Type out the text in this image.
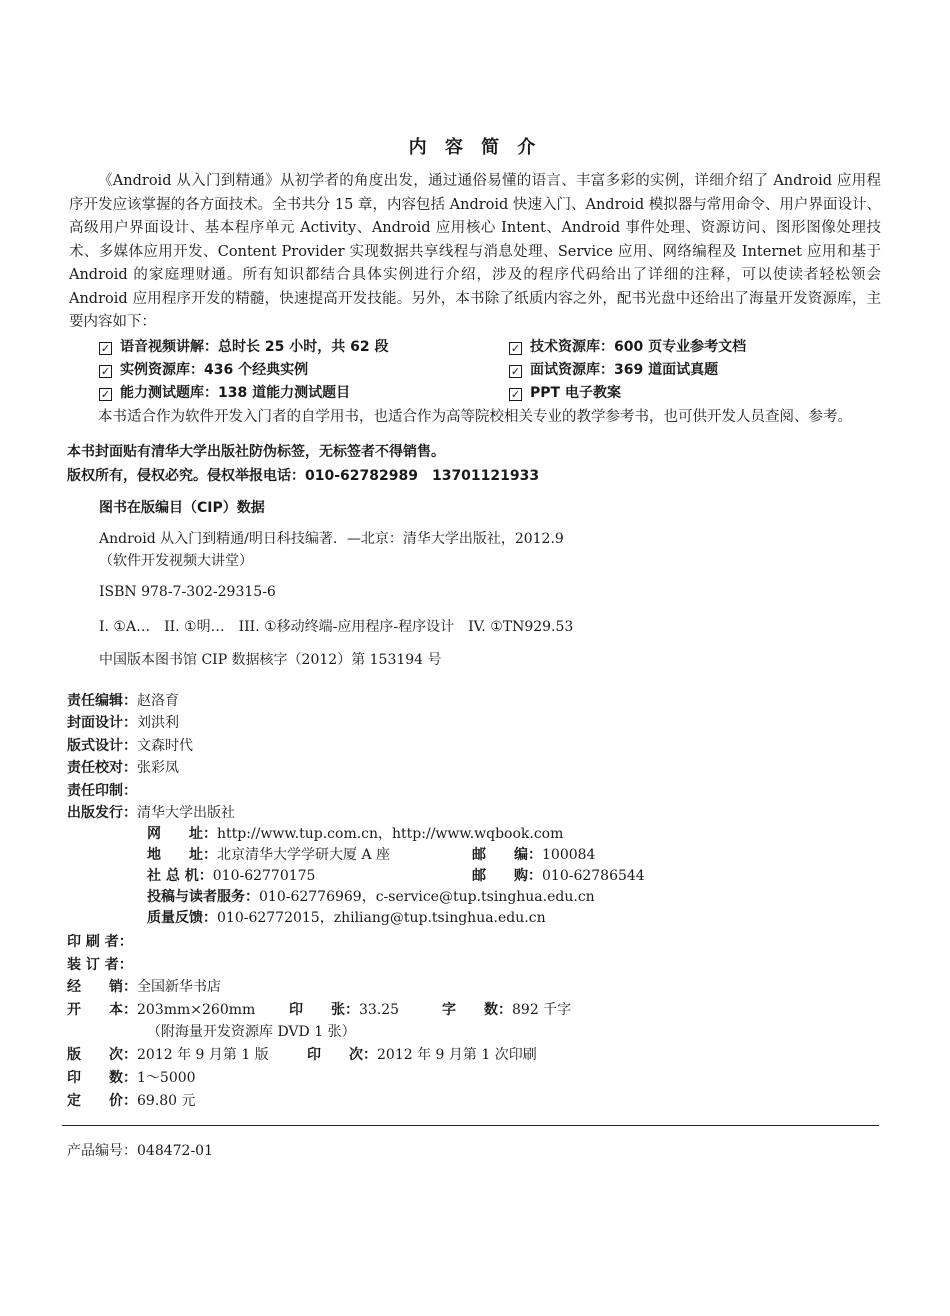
内 容 简 介

《Android 从入门到精通》从初学者的角度出发，通过通俗易懂的语言、丰富多彩的实例，详细介绍了 Android 应用程序开发应该掌握的各方面技术。全书共分 15 章，内容包括 Android 快速入门、Android 模拟器与常用命令、用户界面设计、高级用户界面设计、基本程序单元 Activity、Android 应用核心 Intent、Android 事件处理、资源访问、图形图像处理技术、多媒体应用开发、Content Provider 实现数据共享线程与消息处理、Service 应用、网络编程及 Internet 应用和基于 Android 的家庭理财通。所有知识都结合具体实例进行介绍，涉及的程序代码给出了详细的注释，可以使读者轻松领会 Android 应用程序开发的精髓，快速提高开发技能。另外，本书除了纸质内容之外，配书光盘中还给出了海量开发资源库，主要内容如下：

✓ 语音视频讲解：总时长 25 小时，共 62 段	✓ 技术资源库：600 页专业参考文档
✓ 实例资源库：436 个经典实例	✓ 面试资源库：369 道面试真题
✓ 能力测试题库：138 道能力测试题目	✓ PPT 电子教案

本书适合作为软件开发入门者的自学用书，也适合作为高等院校相关专业的教学参考书，也可供开发人员查阅、参考。

本书封面贴有清华大学出版社防伪标签，无标签者不得销售。
版权所有，侵权必究。侵权举报电话：010-62782989　13701121933
图书在版编目（CIP）数据
Android 从入门到精通/明日科技编著．—北京：清华大学出版社，2012.9
（软件开发视频大讲堂）
ISBN 978-7-302-29315-6
I. ①A…　II. ①明…　III. ①移动终端-应用程序-程序设计　IV. ①TN929.53
中国版本图书馆 CIP 数据核字（2012）第 153194 号
责任编辑：赵洛育
封面设计：刘洪利
版式设计：文森时代
责任校对：张彩凤
责任印制：
出版发行：清华大学出版社
网　　址：http://www.tup.com.cn，http://www.wqbook.com
地　　址：北京清华大学学研大厦 A 座	邮　　编：100084
社 总 机：010-62770175	邮　　购：010-62786544
投稿与读者服务：010-62776969，c-service@tup.tsinghua.edu.cn
质量反馈：010-62772015，zhiliang@tup.tsinghua.edu.cn
印 刷 者：
装 订 者：
经　　销：全国新华书店
开　　本：203mm×260mm 印　　张：33.25	字　　数：892 千字
（附海量开发资源库 DVD 1 张）
版　　次：2012 年 9 月第 1 版	印　　次：2012 年 9 月第 1 次印刷
印　　数：1～5000
定　　价：69.80 元
产品编号：048472-01
